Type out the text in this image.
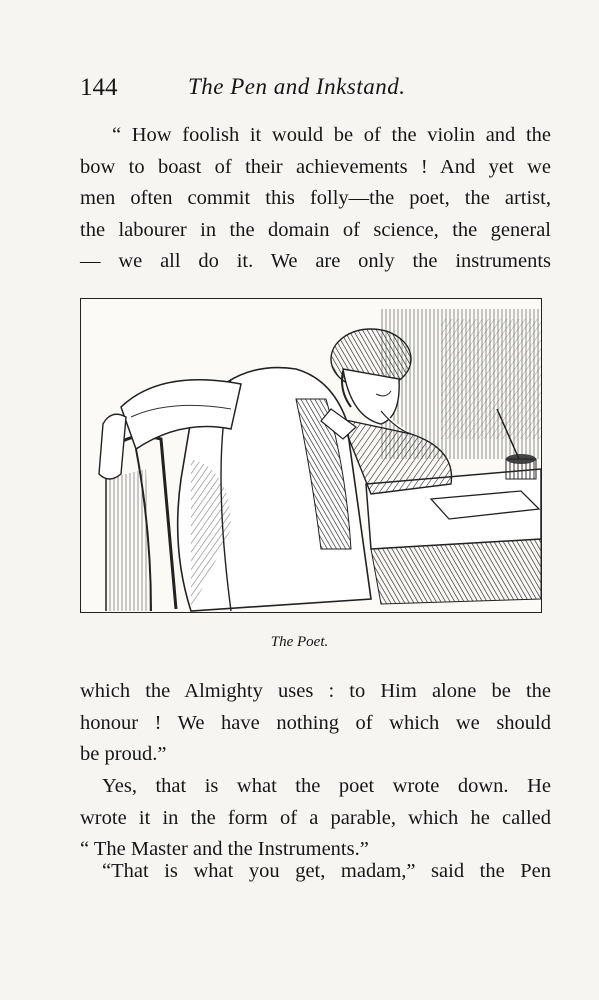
144	The Pen and Inkstand.
“ How foolish it would be of the violin and the
bow to boast of their achievements ! And yet we
men often commit this folly—the poet, the artist,
the labourer in the domain of science, the general
— we all do it. We are only the instruments
The Poet.
which the Almighty uses : to Him alone be the
honour ! We have nothing of which we should
be proud.”
Yes, that is what the poet wrote down. He
wrote it in the form of a parable, which he called
“ The Master and the Instruments.”
“That is what you get, madam,” said the Pen
